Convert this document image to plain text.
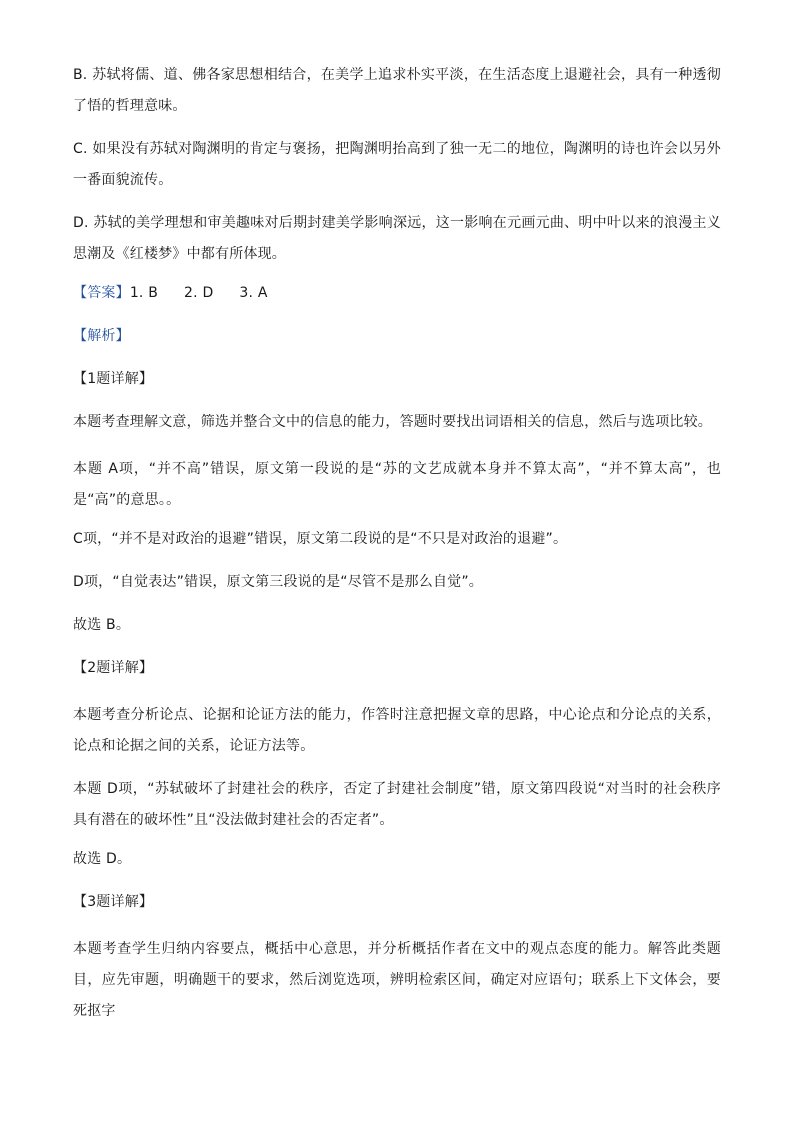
B. 苏轼将儒、道、佛各家思想相结合，在美学上追求朴实平淡，在生活态度上退避社会，具有一种透彻了悟的哲理意味。

C. 如果没有苏轼对陶渊明的肯定与褒扬，把陶渊明抬高到了独一无二的地位，陶渊明的诗也许会以另外一番面貌流传。

D. 苏轼的美学理想和审美趣味对后期封建美学影响深远，这一影响在元画元曲、明中叶以来的浪漫主义思潮及《红楼梦》中都有所体现。

【答案】1. B 2. D 3. A

【解析】

【1题详解】

本题考查理解文意，筛选并整合文中的信息的能力，答题时要找出词语相关的信息，然后与选项比较。

本题 A项，“并不高”错误，原文第一段说的是“苏的文艺成就本身并不算太高”，“并不算太高”，也是“高”的意思。。

C项，“并不是对政治的退避”错误，原文第二段说的是“不只是对政治的退避”。

D项，“自觉表达”错误，原文第三段说的是“尽管不是那么自觉”。

故选 B。

【2题详解】

本题考查分析论点、论据和论证方法的能力，作答时注意把握文章的思路，中心论点和分论点的关系，论点和论据之间的关系，论证方法等。

本题 D项，“苏轼破坏了封建社会的秩序，否定了封建社会制度”错，原文第四段说“对当时的社会秩序具有潜在的破坏性”且“没法做封建社会的否定者”。

故选 D。

【3题详解】

本题考查学生归纳内容要点，概括中心意思，并分析概括作者在文中的观点态度的能力。解答此类题目，应先审题，明确题干的要求，然后浏览选项，辨明检索区间，确定对应语句；联系上下文体会，要死抠字
